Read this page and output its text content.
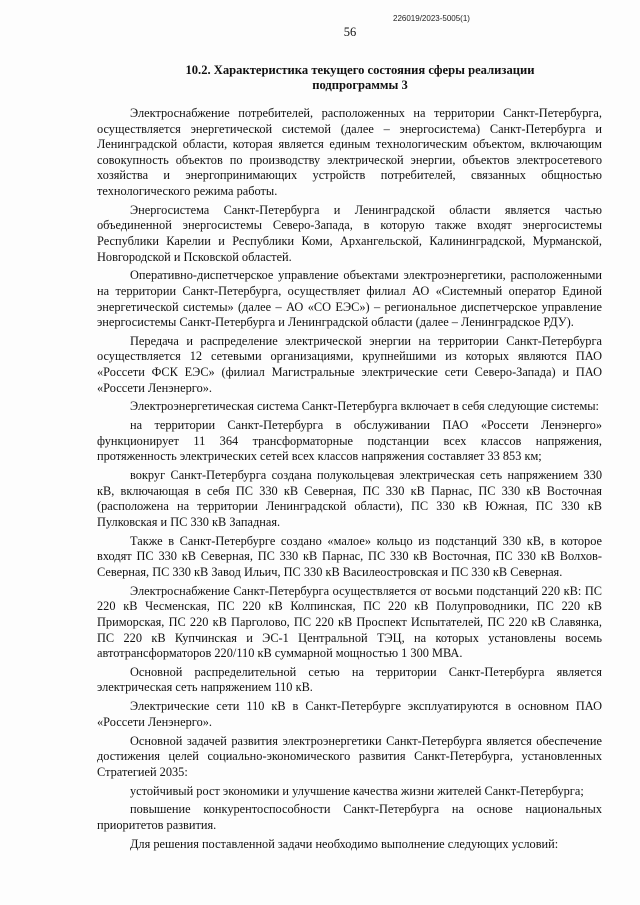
226019/2023-5005(1)
56
10.2. Характеристика текущего состояния сферы реализации
подпрограммы 3

Электроснабжение потребителей, расположенных на территории Санкт-Петербурга, осуществляется энергетической системой (далее – энергосистема) Санкт-Петербурга и Ленинградской области, которая является единым технологическим объектом, включающим совокупность объектов по производству электрической энергии, объектов электросетевого хозяйства и энергопринимающих устройств потребителей, связанных общностью технологического режима работы.

Энергосистема Санкт-Петербурга и Ленинградской области является частью объединенной энергосистемы Северо-Запада, в которую также входят энергосистемы Республики Карелии и Республики Коми, Архангельской, Калининградской, Мурманской, Новгородской и Псковской областей.

Оперативно-диспетчерское управление объектами электроэнергетики, расположенными на территории Санкт-Петербурга, осуществляет филиал АО «Системный оператор Единой энергетической системы» (далее – АО «СО ЕЭС») – региональное диспетчерское управление энергосистемы Санкт-Петербурга и Ленинградской области (далее – Ленинградское РДУ).

Передача и распределение электрической энергии на территории Санкт-Петербурга осуществляется 12 сетевыми организациями, крупнейшими из которых являются ПАО «Россети ФСК ЕЭС» (филиал Магистральные электрические сети Северо-Запада) и ПАО «Россети Ленэнерго».

Электроэнергетическая система Санкт-Петербурга включает в себя следующие системы:

на территории Санкт-Петербурга в обслуживании ПАО «Россети Ленэнерго» функционирует 11 364 трансформаторные подстанции всех классов напряжения, протяженность электрических сетей всех классов напряжения составляет 33 853 км;

вокруг Санкт-Петербурга создана полукольцевая электрическая сеть напряжением 330 кВ, включающая в себя ПС 330 кВ Северная, ПС 330 кВ Парнас, ПС 330 кВ Восточная (расположена на территории Ленинградской области), ПС 330 кВ Южная, ПС 330 кВ Пулковская и ПС 330 кВ Западная.

Также в Санкт-Петербурге создано «малое» кольцо из подстанций 330 кВ, в которое входят ПС 330 кВ Северная, ПС 330 кВ Парнас, ПС 330 кВ Восточная, ПС 330 кВ Волхов-Северная, ПС 330 кВ Завод Ильич, ПС 330 кВ Василеостровская и ПС 330 кВ Северная.

Электроснабжение Санкт-Петербурга осуществляется от восьми подстанций 220 кВ: ПС 220 кВ Чесменская, ПС 220 кВ Колпинская, ПС 220 кВ Полупроводники, ПС 220 кВ Приморская, ПС 220 кВ Парголово, ПС 220 кВ Проспект Испытателей, ПС 220 кВ Славянка, ПС 220 кВ Купчинская и ЭС-1 Центральной ТЭЦ, на которых установлены восемь автотрансформаторов 220/110 кВ суммарной мощностью 1 300 МВА.

Основной распределительной сетью на территории Санкт-Петербурга является электрическая сеть напряжением 110 кВ.

Электрические сети 110 кВ в Санкт-Петербурге эксплуатируются в основном ПАО «Россети Ленэнерго».

Основной задачей развития электроэнергетики Санкт-Петербурга является обеспечение достижения целей социально-экономического развития Санкт-Петербурга, установленных Стратегией 2035:

устойчивый рост экономики и улучшение качества жизни жителей Санкт-Петербурга;

повышение конкурентоспособности Санкт-Петербурга на основе национальных приоритетов развития.

Для решения поставленной задачи необходимо выполнение следующих условий:
